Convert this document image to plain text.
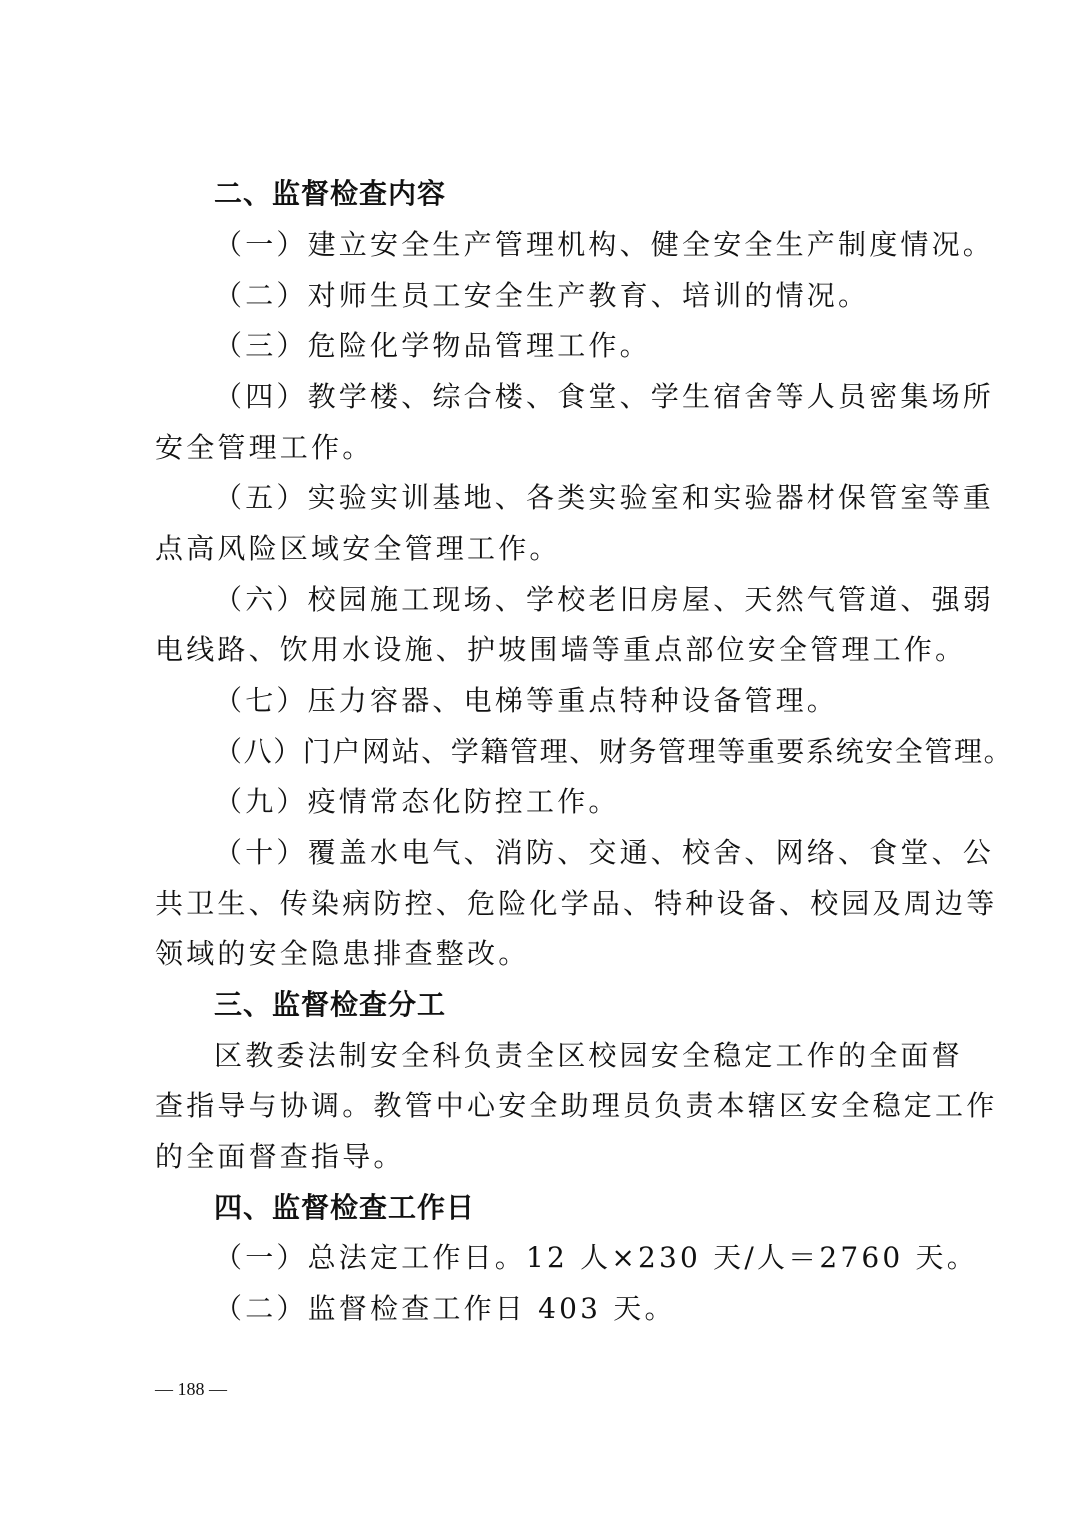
二、监督检查内容
（一）建立安全生产管理机构、健全安全生产制度情况。
（二）对师生员工安全生产教育、培训的情况。
（三）危险化学物品管理工作。
（四）教学楼、综合楼、食堂、学生宿舍等人员密集场所
安全管理工作。
（五）实验实训基地、各类实验室和实验器材保管室等重
点高风险区域安全管理工作。
（六）校园施工现场、学校老旧房屋、天然气管道、强弱
电线路、饮用水设施、护坡围墙等重点部位安全管理工作。
（七）压力容器、电梯等重点特种设备管理。
（八）门户网站、学籍管理、财务管理等重要系统安全管理。
（九）疫情常态化防控工作。
（十）覆盖水电气、消防、交通、校舍、网络、食堂、公
共卫生、传染病防控、危险化学品、特种设备、校园及周边等
领域的安全隐患排查整改。
三、监督检查分工
区教委法制安全科负责全区校园安全稳定工作的全面督
查指导与协调。教管中心安全助理员负责本辖区安全稳定工作
的全面督查指导。
四、监督检查工作日
（一）总法定工作日。12 人×230 天/人＝2760 天。
（二）监督检查工作日 403 天。
— 188 —
